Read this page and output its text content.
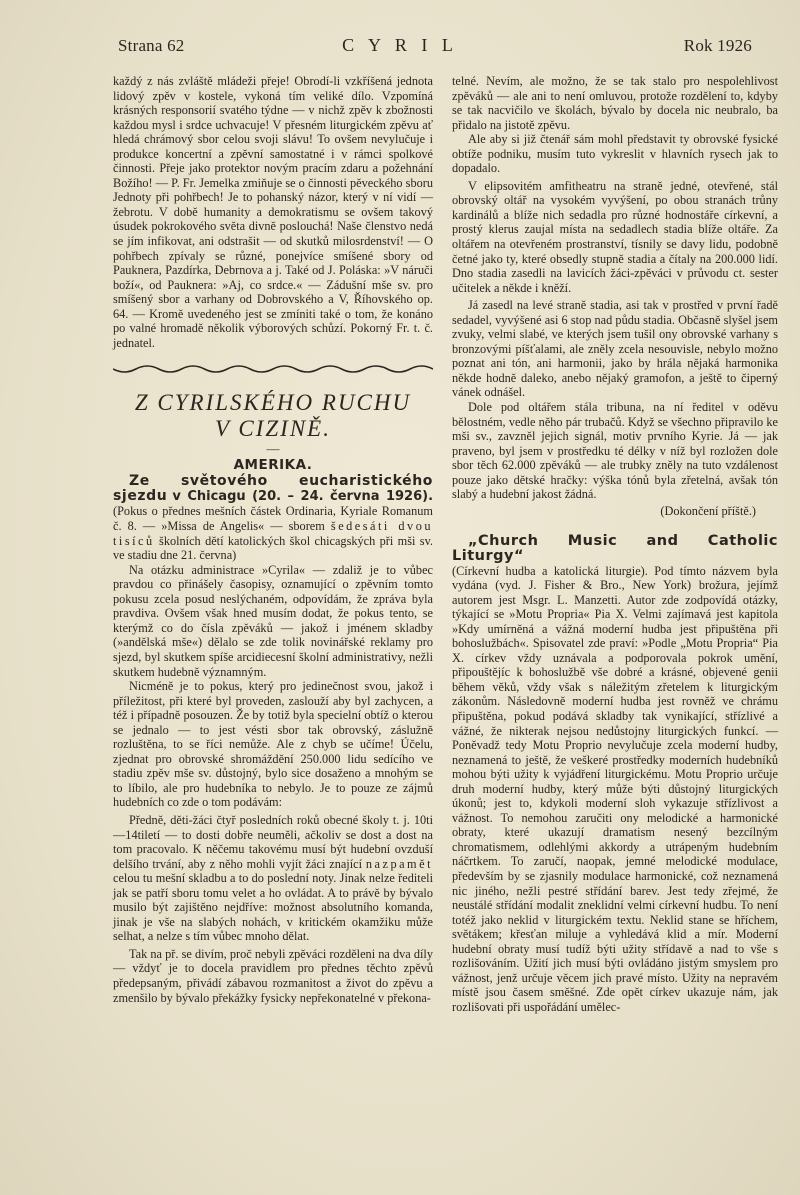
Strana 62	C Y R I L	Rok 1926

každý z nás zvláště mládeži přeje! Obrodí-li vzkříšená jednota lidový zpěv v kostele, vykoná tím veliké dílo. Vzpomíná krásných responsorií svatého týdne — v nichž zpěv k zbožnosti každou mysl i srdce uchvacuje! V přesném liturgickém zpěvu ať hledá chrámový sbor celou svoji slávu! To ovšem nevylučuje i produkce koncertní a zpěvní samostatné i v rámci spolkové činnosti. Přeje jako protektor novým pracím zdaru a požehnání Božího! — P. Fr. Jemelka zmiňuje se o činnosti pěveckého sboru Jednoty při pohřbech! Je to pohanský názor, který v ní vidí — žebrotu. V době humanity a demokratismu se ovšem takový úsudek pokrokového světa divně poslouchá! Naše členstvo nedá se jím infikovat, ani odstrašit — od skutků milosrdenství! — O pohřbech zpívaly se různé, ponejvíce smíšené sbory od Pauknera, Pazdírka, Debrnova a j. Také od J. Poláska: »V náruči boží«, od Pauknera: »Aj, co srdce.« — Zádušní mše sv. pro smíšený sbor a varhany od Dobrovského a V, Říhovského op. 64. — Kromě uvedeného jest se zmíniti také o tom, že konáno po valné hromadě několik výborových schůzí. Pokorný Fr. t. č. jednatel.

Z CYRILSKÉHO RUCHU

V CIZINĚ.

—

AMERIKA.

Ze světového eucharistického sjezdu v Chicagu (20. – 24. června 1926). (Pokus o přednes mešních částek Ordinaria, Kyriale Romanum č. 8. — »Missa de Angelis« — sborem šedesáti dvou tisíců školních dětí katolických škol chicagských při mši sv. ve stadiu dne 21. června)

Na otázku administrace »Cyrila« — zdaliž je to vůbec pravdou co přinášely časopisy, oznamující o zpěvním tomto pokusu zcela posud neslýchaném, odpovídám, že zpráva byla pravdiva. Ovšem však hned musím dodat, že pokus tento, se kterýmž co do čísla zpěváků — jakož i jménem skladby (»andělská mše«) dělalo se zde tolik novinářské reklamy pro sjezd, byl skutkem spíše arcidiecesní školní administrativy, nežli skutkem hudebně významným.

Nicméně je to pokus, který pro jedinečnost svou, jakož i příležitost, při které byl proveden, zaslouží aby byl zachycen, a též i případně posouzen. Že by totiž byla specielní obtíž o kterou se jednalo — to jest vésti sbor tak obrovský, záslužně rozluštěna, to se říci nemůže. Ale z chyb se učíme! Účelu, zjednat pro obrovské shromáždění 250.000 lidu sedícího ve stadiu zpěv mše sv. důstojný, bylo sice dosaženo a mnohým se to líbilo, ale pro hudebníka to nebylo. Je to pouze ze zájmů hudebních co zde o tom podávám:

Předně, děti-žáci čtyř posledních roků obecné školy t. j. 10ti—14tiletí — to dosti dobře neuměli, ačkoliv se dost a dost na tom pracovalo. K něčemu takovému musí být hudební ovzduší delšího trvání, aby z něho mohli vyjít žáci znající nazpamět celou tu mešní skladbu a to do poslední noty. Jinak nelze řediteli jak se patří sboru tomu velet a ho ovládat. A to právě by bývalo musilo být zajištěno nejdříve: možnost absolutního komanda, jinak je vše na slabých nohách, v kritickém okamžiku může selhat, a nelze s tím vůbec mnoho dělat.

Tak na př. se divím, proč nebyli zpěváci rozděleni na dva díly — vždyť je to docela pravidlem pro přednes těchto zpěvů předepsaným, přivádí zábavou rozmanitost a život do zpěvu a zmenšilo by bývalo překážky fysicky nepřekonatelné v překona-

telné. Nevím, ale možno, že se tak stalo pro nespolehlivost zpěváků — ale ani to není omluvou, protože rozdělení to, kdyby se tak nacvičilo ve školách, bývalo by docela nic neubralo, ba přidalo na jistotě zpěvu.

Ale aby si již čtenář sám mohl představit ty obrovské fysické obtíže podniku, musím tuto vykreslit v hlavních rysech jak to dopadalo.

V elipsovitém amfitheatru na straně jedné, otevřené, stál obrovský oltář na vysokém vyvýšení, po obou stranách trůny kardinálů a blíže nich sedadla pro různé hodnostáře církevní, a prostý klerus zaujal místa na sedadlech stadia blíže oltáře. Za oltářem na otevřeném prostranství, tísnily se davy lidu, podobně četné jako ty, které obsedly stupně stadia a čítaly na 200.000 lidí. Dno stadia zasedli na lavicích žáci-zpěváci v průvodu ct. sester učitelek a někde i kněží.

Já zasedl na levé straně stadia, asi tak v prostřed v první řadě sedadel, vyvýšené asi 6 stop nad půdu stadia. Občasně slyšel jsem zvuky, velmi slabé, ve kterých jsem tušil ony obrovské varhany s bronzovými píšťalami, ale zněly zcela nesouvisle, nebylo možno poznat ani tón, ani harmonii, jako by hrála nějaká harmonika někde hodně daleko, anebo nějaký gramofon, a ještě to čiperný vánek odnášel.

Dole pod oltářem stála tribuna, na ní ředitel v oděvu bělostném, vedle něho pár trubačů. Když se všechno připravilo ke mši sv., zavzněl jejich signál, motiv prvního Kyrie. Já — jak praveno, byl jsem v prostředku té délky v níž byl rozložen dole sbor těch 62.000 zpěváků — ale trubky zněly na tuto vzdálenost pouze jako dětské hračky: výška tónů byla zřetelná, avšak tón slabý a hudební jakost žádná.

(Dokončení příště.)

„Church Music and Catholic Liturgy“

(Církevní hudba a katolická liturgie). Pod tímto názvem byla vydána (vyd. J. Fisher & Bro., New York) brožura, jejímž autorem jest Msgr. L. Manzetti. Autor zde zodpovídá otázky, týkající se »Motu Propria« Pia X. Velmi zajímavá jest kapitola »Kdy umírněná a vážná moderní hudba jest připuštěna při bohoslužbách«. Spisovatel zde praví: »Podle „Motu Propria“ Pia X. církev vždy uznávala a podporovala pokrok umění, připouštějíc k bohoslužbě vše dobré a krásné, objevené genii během věků, vždy však s náležitým zřetelem k liturgickým zákonům. Následovně moderní hudba jest rovněž ve chrámu připuštěna, pokud podává skladby tak vynikající, střízlivé a vážné, že nikterak nejsou nedůstojny liturgických funkcí. — Poněvadž tedy Motu Proprio nevylučuje zcela moderní hudby, neznamená to ještě, že veškeré prostředky moderních hudebníků mohou býti užity k vyjádření liturgickému. Motu Proprio určuje druh moderní hudby, který může býti důstojný liturgických úkonů; jest to, kdykoli moderní sloh vykazuje střízlivost a vážnost. To nemohou zaručiti ony melodické a harmonické obraty, které ukazují dramatism nesený bezcílným chromatismem, odlehlými akkordy a utrápeným hudebním náčrtkem. To zaručí, naopak, jemné melodické modulace, především by se zjasnily modulace harmonické, což neznamená nic jiného, nežli pestré střídání barev. Jest tedy zřejmé, že neustálé střídání modalit zneklidní velmi církevní hudbu. To není totéž jako neklid v liturgickém textu. Neklid stane se hříchem, světákem; křesťan miluje a vyhledává klid a mír. Moderní hudební obraty musí tudíž býti užity střídavě a nad to vše s rozlišováním. Užití jich musí býti ovládáno jistým smyslem pro vážnost, jenž určuje věcem jich pravé místo. Užity na nepravém místě jsou časem směšné. Zde opět církev ukazuje nám, jak rozlišovati při uspořádání umělec-
